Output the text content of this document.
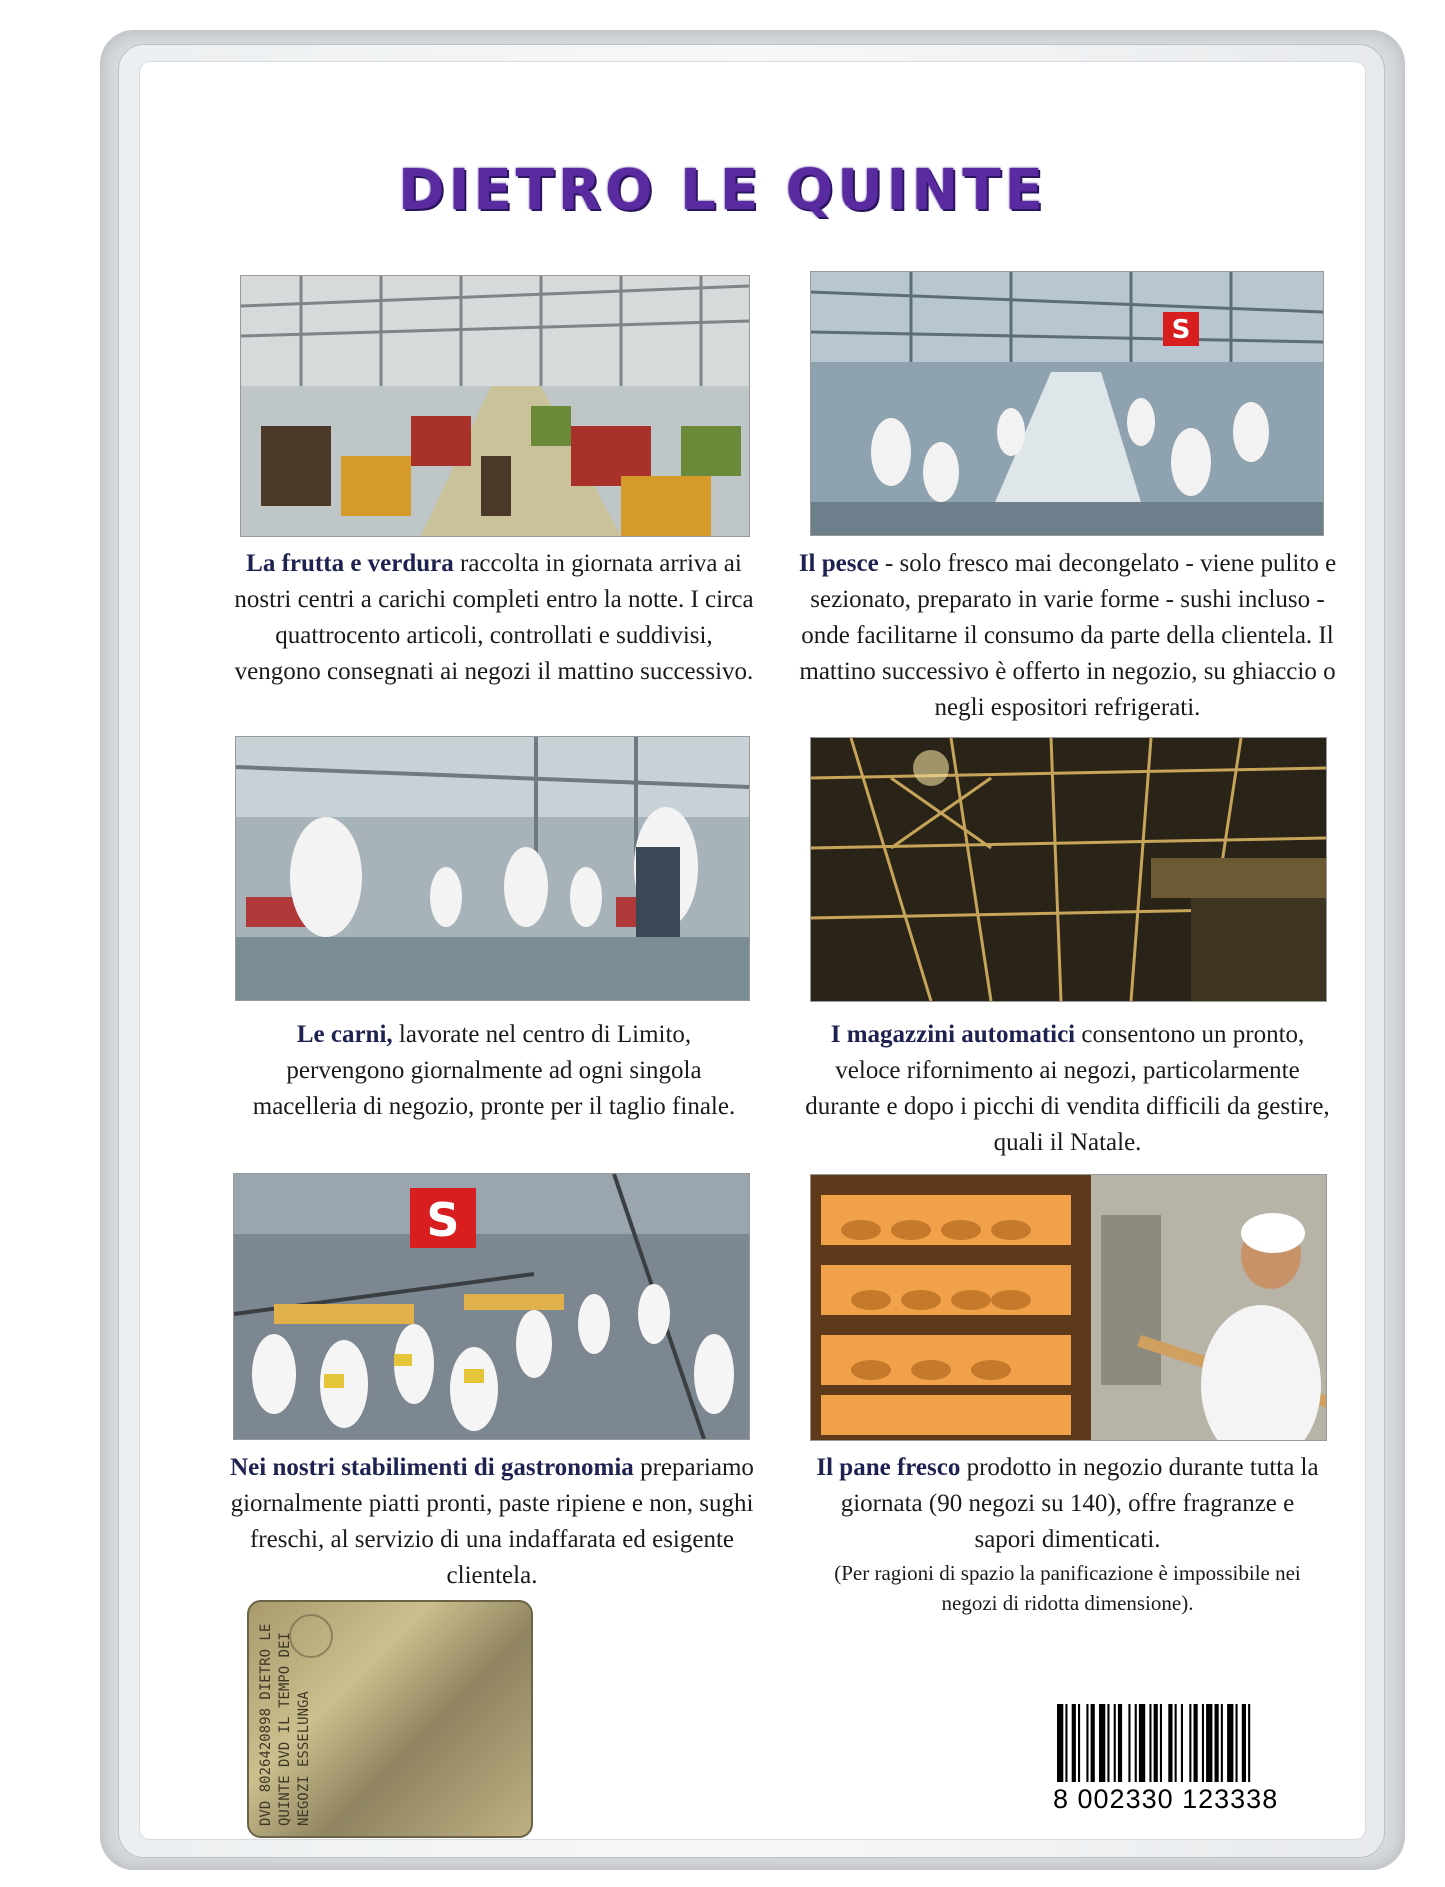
DIETRO LE QUINTE
S
La frutta e verdura raccolta in giornata arriva ai nostri centri a carichi completi entro la notte. I circa quattrocento articoli, controllati e suddivisi, vengono consegnati ai negozi il mattino successivo.
Il pesce - solo fresco mai decongelato - viene pulito e sezionato, preparato in varie forme - sushi incluso - onde facilitarne il consumo da parte della clientela. Il mattino successivo è offerto in negozio, su ghiaccio o negli espositori refrigerati.
Le carni, lavorate nel centro di Limito, pervengono giornalmente ad ogni singola macelleria di negozio, pronte per il taglio finale.
I magazzini automatici consentono un pronto, veloce rifornimento ai negozi, particolarmente durante e dopo i picchi di vendita difficili da gestire, quali il Natale.
S
Nei nostri stabilimenti di gastronomia prepariamo giornalmente piatti pronti, paste ripiene e non, sughi freschi, al servizio di una indaffarata ed esigente clientela.
Il pane fresco prodotto in negozio durante tutta la giornata (90 negozi su 140), offre fragranze e sapori dimenticati.
(Per ragioni di spazio la panificazione è impossibile nei negozi di ridotta dimensione).
DVD 8026420898 DIETRO LE QUINTE DVD IL TEMPO DEI NEGOZI ESSELUNGA	8 002330 123338
